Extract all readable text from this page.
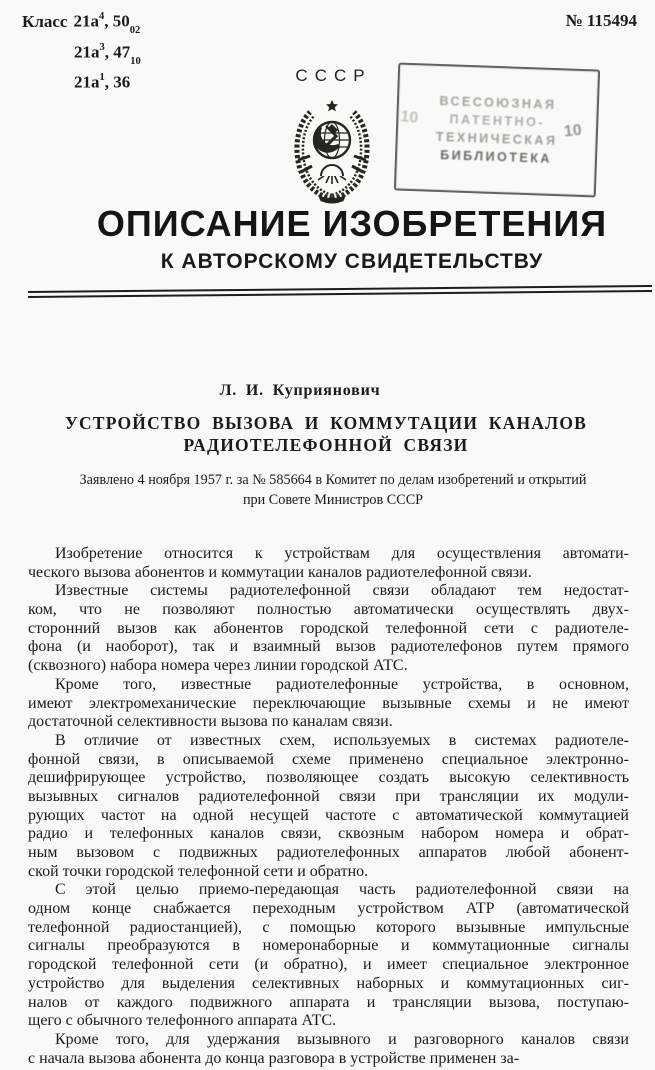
Класс $21а^4$, $50_{02}$
$21а^3$, $47_{10}$
$21а^1$, 36
№ 115494
СССР
ВСЕСОЮЗНАЯ
ПАТЕНТНО-
ТЕХНИЧЕСКАЯ
БИБЛИОТЕКА
10
10
ОПИСАНИЕ ИЗОБРЕТЕНИЯ
К АВТОРСКОМУ СВИДЕТЕЛЬСТВУ
Л. И. Куприянович
УСТРОЙСТВО ВЫЗОВА И КОММУТАЦИИ КАНАЛОВ
РАДИОТЕЛЕФОННОЙ СВЯЗИ
Заявлено 4 ноября 1957 г. за № 585664 в Комитет по делам изобретений и открытий
при Совете Министров СССР
Изобретение относится к устройствам для осуществления автомати-
ческого вызова абонентов и коммутации каналов радиотелефонной связи.
Известные системы радиотелефонной связи обладают тем недостат-
ком, что не позволяют полностью автоматически осуществлять двух-
сторонний вызов как абонентов городской телефонной сети с радиотеле-
фона (и наоборот), так и взаимный вызов радиотелефонов путем прямого
(сквозного) набора номера через линии городской АТС.
Кроме того, известные радиотелефонные устройства, в основном,
имеют электромеханические переключающие вызывные схемы и не имеют
достаточной селективности вызова по каналам связи.
В отличие от известных схем, используемых в системах радиотеле-
фонной связи, в описываемой схеме применено специальное электронно-
дешифрирующее устройство, позволяющее создать высокую селективность
вызывных сигналов радиотелефонной связи при трансляции их модули-
рующих частот на одной несущей частоте с автоматической коммутацией
радио и телефонных каналов связи, сквозным набором номера и обрат-
ным вызовом с подвижных радиотелефонных аппаратов любой абонент-
ской точки городской телефонной сети и обратно.
С этой целью приемо-передающая часть радиотелефонной связи на
одном конце снабжается переходным устройством АТР (автоматической
телефонной радиостанцией), с помощью которого вызывные импульсные
сигналы преобразуются в номеронаборные и коммутационные сигналы
городской телефонной сети (и обратно), и имеет специальное электронное
устройство для выделения селективных наборных и коммутационных сиг-
налов от каждого подвижного аппарата и трансляции вызова, поступаю-
щего с обычного телефонного аппарата АТС.
Кроме того, для удержания вызывного и разговорного каналов связи
с начала вызова абонента до конца разговора в устройстве применен за-
